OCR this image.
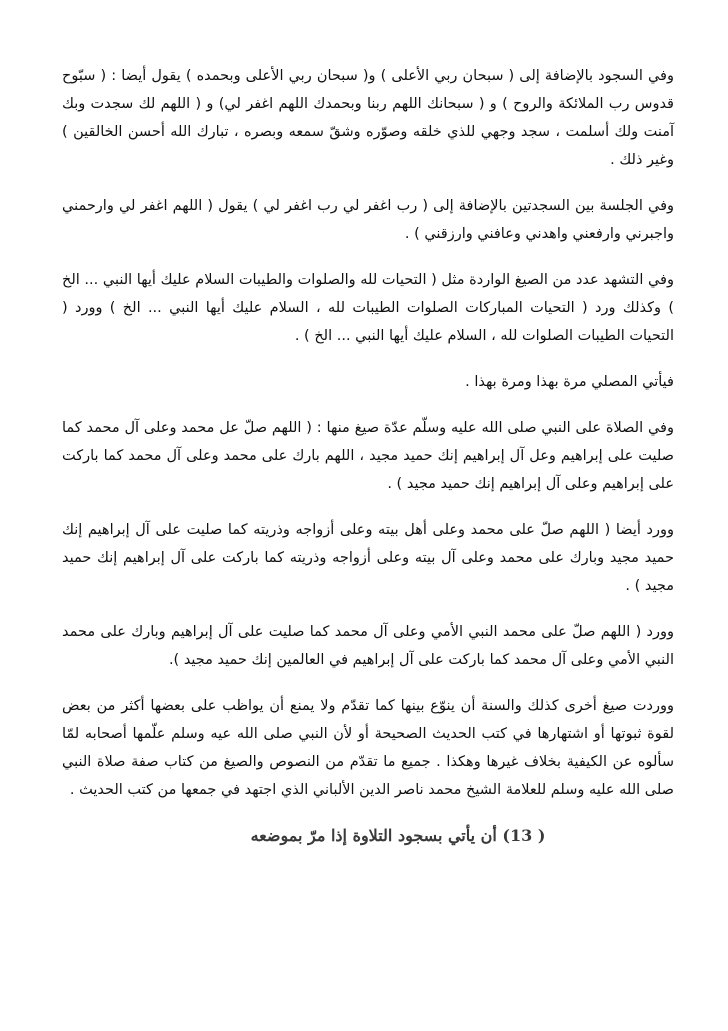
وفي السجود بالإضافة إلى ( سبحان ربي الأعلى ) و( سبحان ربي الأعلى وبحمده ) يقول أيضا : ( سبّوح قدوس رب الملائكة والروح ) و ( سبحانك اللهم ربنا وبحمدك اللهم اغفر لي) و ( اللهم لك سجدت وبك آمنت ولك أسلمت ، سجد وجهي للذي خلقه وصوّره وشقّ سمعه وبصره ، تبارك الله أحسن الخالقين ) وغير ذلك .

وفي الجلسة بين السجدتين بالإضافة إلى ( رب اغفر لي رب اغفر لي ) يقول ( اللهم اغفر لي وارحمني واجبرني وارفعني واهدني وعافني وارزقني ) .

وفي التشهد عدد من الصيغ الواردة مثل ( التحيات لله والصلوات والطيبات السلام عليك أيها النبي ... الخ ) وكذلك ورد ( التحيات المباركات الصلوات الطيبات لله ، السلام عليك أيها النبي ... الخ ) وورد ( التحيات الطيبات الصلوات لله ، السلام عليك أيها النبي ... الخ ) .

فيأتي المصلي مرة بهذا ومرة بهذا .

وفي الصلاة على النبي صلى الله عليه وسلّم عدّة صيغ منها : ( اللهم صلّ عل محمد وعلى آل محمد كما صليت على إبراهيم وعل آل إبراهيم إنك حميد مجيد ، اللهم بارك على محمد وعلى آل محمد كما باركت على إبراهيم وعلى آل إبراهيم إنك حميد مجيد ) .

وورد أيضا ( اللهم صلّ على محمد وعلى أهل بيته وعلى أزواجه وذريته كما صليت على آل إبراهيم إنك حميد مجيد وبارك على محمد وعلى آل بيته وعلى أزواجه وذريته كما باركت على آل إبراهيم إنك حميد مجيد ) .

وورد ( اللهم صلّ على محمد النبي الأمي وعلى آل محمد كما صليت على آل إبراهيم وبارك على محمد النبي الأمي وعلى آل محمد كما باركت على آل إبراهيم في العالمين إنك حميد مجيد ).

ووردت صيغ أخرى كذلك والسنة أن ينوّع بينها كما تقدّم ولا يمنع أن يواظب على بعضها أكثر من بعض لقوة ثبوتها أو اشتهارها في كتب الحديث الصحيحة أو لأن النبي صلى الله عيه وسلم علّمها أصحابه لمّا سألوه عن الكيفية بخلاف غيرها وهكذا . جميع ما تقدّم من النصوص والصيغ من كتاب صفة صلاة النبي صلى الله عليه وسلم للعلامة الشيخ محمد ناصر الدين الألباني الذي اجتهد في جمعها من كتب الحديث .

( 13) أن يأتي بسجود التلاوة إذا مرّ بموضعه
